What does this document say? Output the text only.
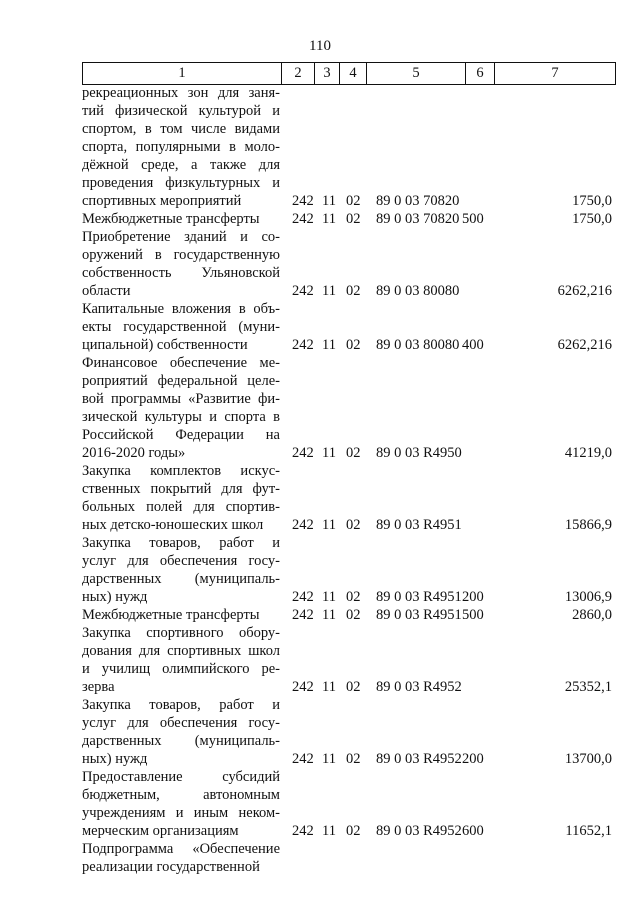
110
1	2	3	4	5	6	7
рекреационных зон для заня-
тий физической культурой и
спортом, в том числе видами
спорта, популярными в моло-
дёжной среде, а также для
проведения физкультурных и
спортивных мероприятий	242 11 02	89 0 03 70820	1750,0
Межбюджетные трансферты	242 11 02	89 0 03 70820 500	1750,0
Приобретение зданий и со-
оружений в государственную
собственность Ульяновской
области	242 11 02	89 0 03 80080	6262,216
Капитальные вложения в объ-
екты государственной (муни-
ципальной) собственности	242 11 02	89 0 03 80080 400	6262,216
Финансовое обеспечение ме-
роприятий федеральной целе-
вой программы «Развитие фи-
зической культуры и спорта в
Российской Федерации на
2016-2020 годы»	242 11 02	89 0 03 R4950	41219,0
Закупка комплектов искус-
ственных покрытий для фут-
больных полей для спортив-
ных детско-юношеских школ	242 11 02	89 0 03 R4951	15866,9
Закупка товаров, работ и
услуг для обеспечения госу-
дарственных (муниципаль-
ных) нужд	242 11 02	89 0 03 R4951 200	13006,9
Межбюджетные трансферты	242 11 02	89 0 03 R4951 500	2860,0
Закупка спортивного обору-
дования для спортивных школ
и училищ олимпийского ре-
зерва	242 11 02	89 0 03 R4952	25352,1
Закупка товаров, работ и
услуг для обеспечения госу-
дарственных (муниципаль-
ных) нужд	242 11 02	89 0 03 R4952 200	13700,0
Предоставление субсидий
бюджетным, автономным
учреждениям и иным неком-
мерческим организациям	242 11 02	89 0 03 R4952 600	11652,1
Подпрограмма «Обеспечение
реализации государственной
